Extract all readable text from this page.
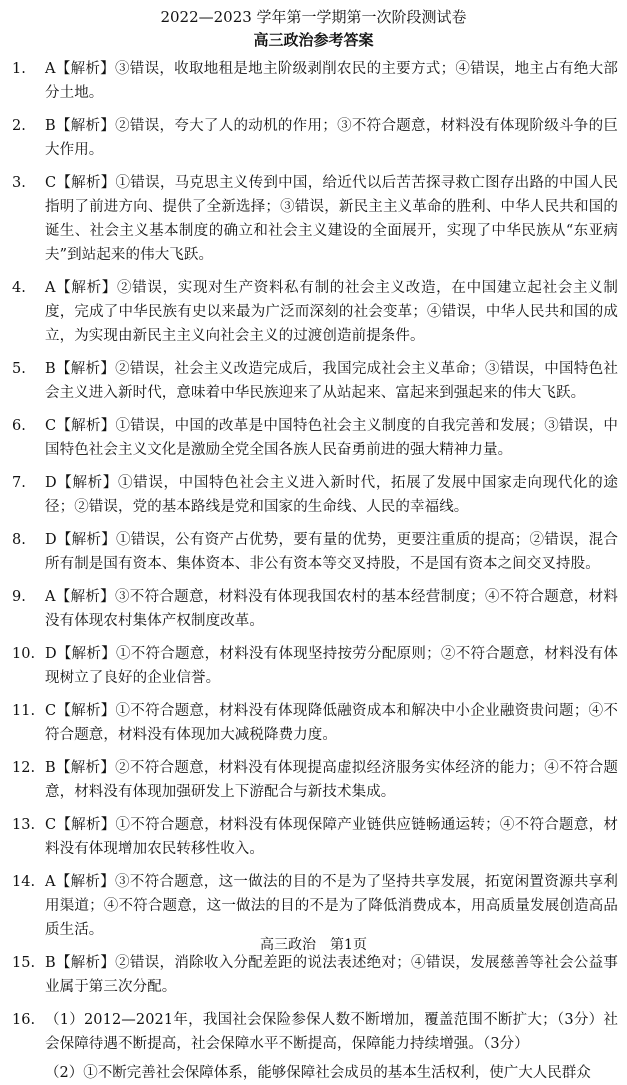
2022—2023 学年第一学期第一次阶段测试卷
高三政治参考答案
1. A【解析】③错误，收取地租是地主阶级剥削农民的主要方式；④错误，地主占有绝大部分土地。
2. B【解析】②错误，夸大了人的动机的作用；③不符合题意，材料没有体现阶级斗争的巨大作用。
3. C【解析】①错误，马克思主义传到中国，给近代以后苦苦探寻救亡图存出路的中国人民指明了前进方向、提供了全新选择；③错误，新民主主义革命的胜利、中华人民共和国的诞生、社会主义基本制度的确立和社会主义建设的全面展开，实现了中华民族从“东亚病夫”到站起来的伟大飞跃。
4. A【解析】②错误，实现对生产资料私有制的社会主义改造，在中国建立起社会主义制度，完成了中华民族有史以来最为广泛而深刻的社会变革；④错误，中华人民共和国的成立，为实现由新民主主义向社会主义的过渡创造前提条件。
5. B【解析】②错误，社会主义改造完成后，我国完成社会主义革命；③错误，中国特色社会主义进入新时代，意味着中华民族迎来了从站起来、富起来到强起来的伟大飞跃。
6. C【解析】①错误，中国的改革是中国特色社会主义制度的自我完善和发展；③错误，中国特色社会主义文化是激励全党全国各族人民奋勇前进的强大精神力量。
7. D【解析】①错误，中国特色社会主义进入新时代，拓展了发展中国家走向现代化的途径；②错误，党的基本路线是党和国家的生命线、人民的幸福线。
8. D【解析】①错误，公有资产占优势，要有量的优势，更要注重质的提高；②错误，混合所有制是国有资本、集体资本、非公有资本等交叉持股，不是国有资本之间交叉持股。
9. A【解析】③不符合题意，材料没有体现我国农村的基本经营制度；④不符合题意，材料没有体现农村集体产权制度改革。
10. D【解析】①不符合题意，材料没有体现坚持按劳分配原则；②不符合题意，材料没有体现树立了良好的企业信誉。
11. C【解析】①不符合题意，材料没有体现降低融资成本和解决中小企业融资贵问题；④不符合题意，材料没有体现加大减税降费力度。
12. B【解析】②不符合题意，材料没有体现提高虚拟经济服务实体经济的能力；④不符合题意，材料没有体现加强研发上下游配合与新技术集成。
13. C【解析】①不符合题意，材料没有体现保障产业链供应链畅通运转；④不符合题意，材料没有体现增加农民转移性收入。
14. A【解析】③不符合题意，这一做法的目的不是为了坚持共享发展，拓宽闲置资源共享利用渠道；④不符合题意，这一做法的目的不是为了降低消费成本，用高质量发展创造高品质生活。
15. B【解析】②错误，消除收入分配差距的说法表述绝对；④错误，发展慈善等社会公益事业属于第三次分配。
16. （1）2012—2021年，我国社会保险参保人数不断增加，覆盖范围不断扩大；（3分）社会保障待遇不断提高，社会保障水平不断提高，保障能力持续增强。（3分）
（2）①不断完善社会保障体系，能够保障社会成员的基本生活权利，使广大人民群众
高三政治　第1页
